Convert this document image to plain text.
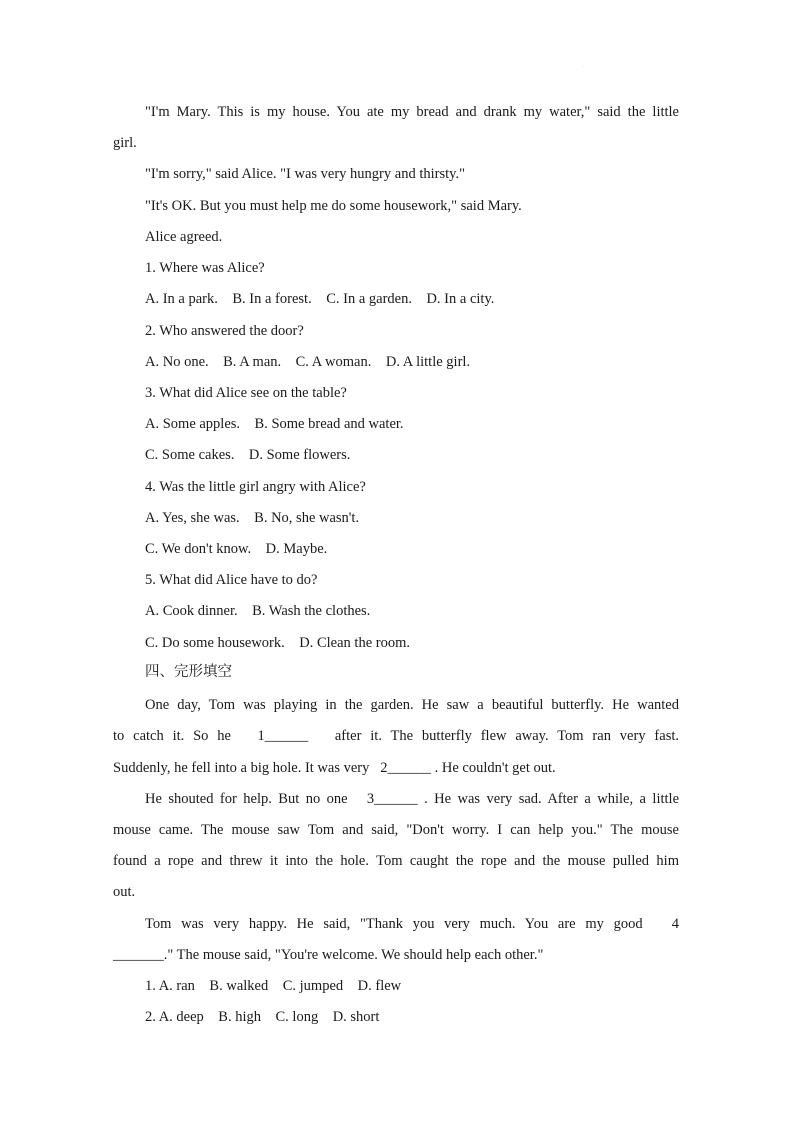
·
"I'm Mary. This is my house. You ate my bread and drank my water," said the little
girl.
"I'm sorry," said Alice. "I was very hungry and thirsty."
"It's OK. But you must help me do some housework," said Mary.
Alice agreed.
1. Where was Alice?
A. In a park.    B. In a forest.    C. In a garden.    D. In a city.
2. Who answered the door?
A. No one.    B. A man.    C. A woman.    D. A little girl.
3. What did Alice see on the table?
A. Some apples.    B. Some bread and water.
C. Some cakes.    D. Some flowers.
4. Was the little girl angry with Alice?
A. Yes, she was.    B. No, she wasn't.
C. We don't know.    D. Maybe.
5. What did Alice have to do?
A. Cook dinner.    B. Wash the clothes.
C. Do some housework.    D. Clean the room.
四、完形填空
One day, Tom was playing in the garden. He saw a beautiful butterfly. He wanted
to catch it. So he   1______   after it. The butterfly flew away. Tom ran very fast.
Suddenly, he fell into a big hole. It was very   2______ . He couldn't get out.
He shouted for help. But no one   3______ . He was very sad. After a while, a little
mouse came. The mouse saw Tom and said, "Don't worry. I can help you." The mouse
found a rope and threw it into the hole. Tom caught the rope and the mouse pulled him
out.
Tom was very happy. He said, "Thank you very much. You are my good   4
_______." The mouse said, "You're welcome. We should help each other."
1. A. ran    B. walked    C. jumped    D. flew
2. A. deep    B. high    C. long    D. short
